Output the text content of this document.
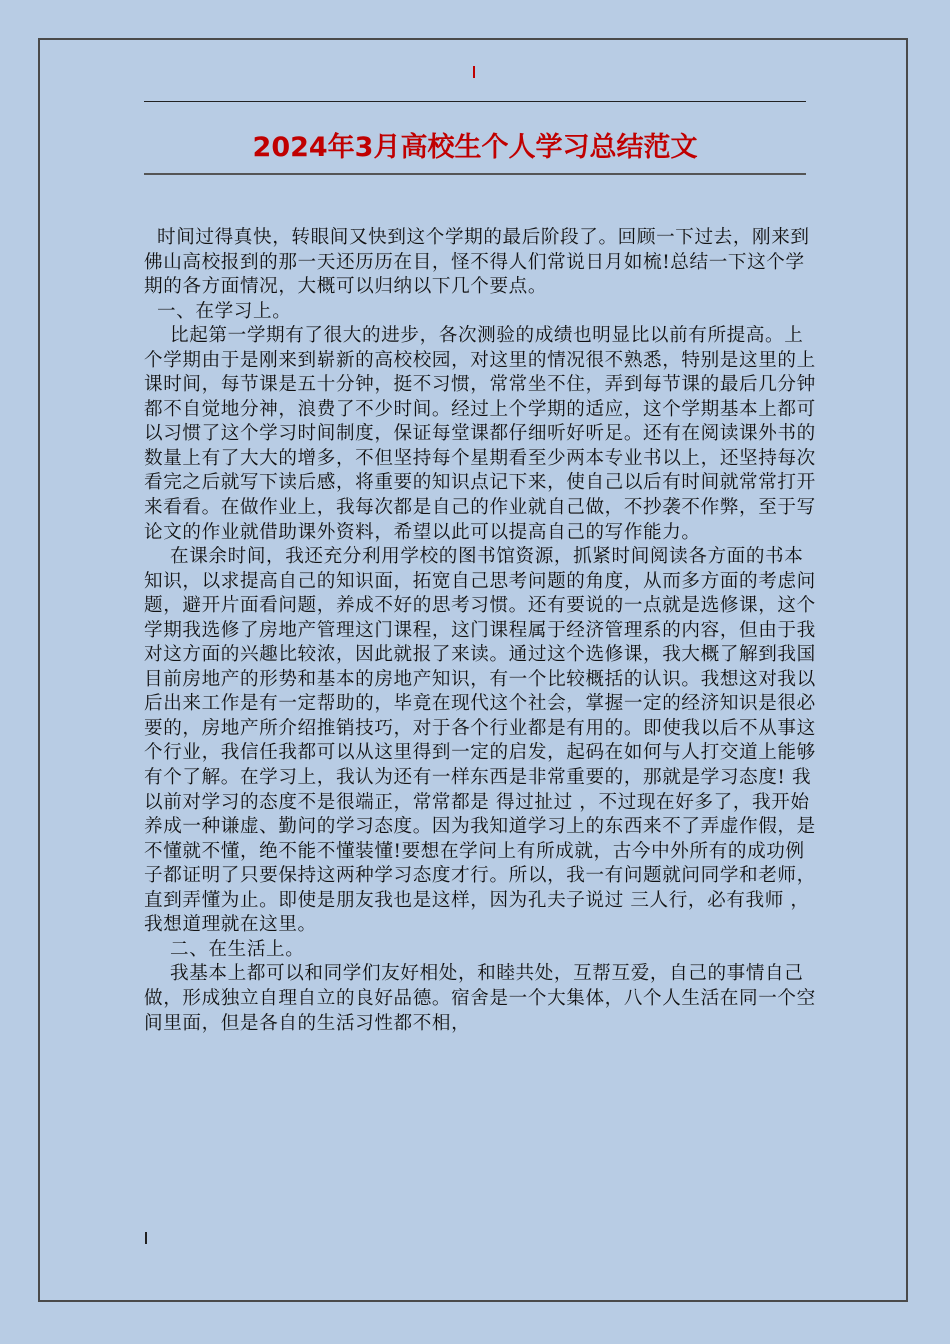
2024年3月高校生个人学习总结范文

时间过得真快，转眼间又快到这个学期的最后阶段了。回顾一下过去，刚来到佛山高校报到的那一天还历历在目，怪不得人们常说日月如梳!总结一下这个学期的各方面情况，大概可以归纳以下几个要点。

一、在学习上。

比起第一学期有了很大的进步，各次测验的成绩也明显比以前有所提高。上个学期由于是刚来到崭新的高校校园，对这里的情况很不熟悉，特别是这里的上课时间，每节课是五十分钟，挺不习惯，常常坐不住，弄到每节课的最后几分钟都不自觉地分神，浪费了不少时间。经过上个学期的适应，这个学期基本上都可以习惯了这个学习时间制度，保证每堂课都仔细听好听足。还有在阅读课外书的数量上有了大大的增多，不但坚持每个星期看至少两本专业书以上，还坚持每次看完之后就写下读后感，将重要的知识点记下来，使自己以后有时间就常常打开来看看。在做作业上，我每次都是自己的作业就自己做，不抄袭不作弊，至于写论文的作业就借助课外资料，希望以此可以提高自己的写作能力。

在课余时间，我还充分利用学校的图书馆资源，抓紧时间阅读各方面的书本知识，以求提高自己的知识面，拓宽自己思考问题的角度，从而多方面的考虑问题，避开片面看问题，养成不好的思考习惯。还有要说的一点就是选修课，这个学期我选修了房地产管理这门课程，这门课程属于经济管理系的内容，但由于我对这方面的兴趣比较浓，因此就报了来读。通过这个选修课，我大概了解到我国目前房地产的形势和基本的房地产知识，有一个比较概括的认识。我想这对我以后出来工作是有一定帮助的，毕竟在现代这个社会，掌握一定的经济知识是很必要的，房地产所介绍推销技巧，对于各个行业都是有用的。即使我以后不从事这个行业，我信任我都可以从这里得到一定的启发，起码在如何与人打交道上能够有个了解。在学习上，我认为还有一样东西是非常重要的，那就是学习态度! 我以前对学习的态度不是很端正，常常都是 得过扯过 ，不过现在好多了，我开始养成一种谦虚、勤问的学习态度。因为我知道学习上的东西来不了弄虚作假，是不懂就不懂，绝不能不懂装懂!要想在学问上有所成就，古今中外所有的成功例子都证明了只要保持这两种学习态度才行。所以，我一有问题就问同学和老师，直到弄懂为止。即使是朋友我也是这样，因为孔夫子说过 三人行，必有我师 ，我想道理就在这里。

二、在生活上。

我基本上都可以和同学们友好相处，和睦共处，互帮互爱，自己的事情自己做，形成独立自理自立的良好品德。宿舍是一个大集体，八个人生活在同一个空间里面，但是各自的生活习性都不相，
